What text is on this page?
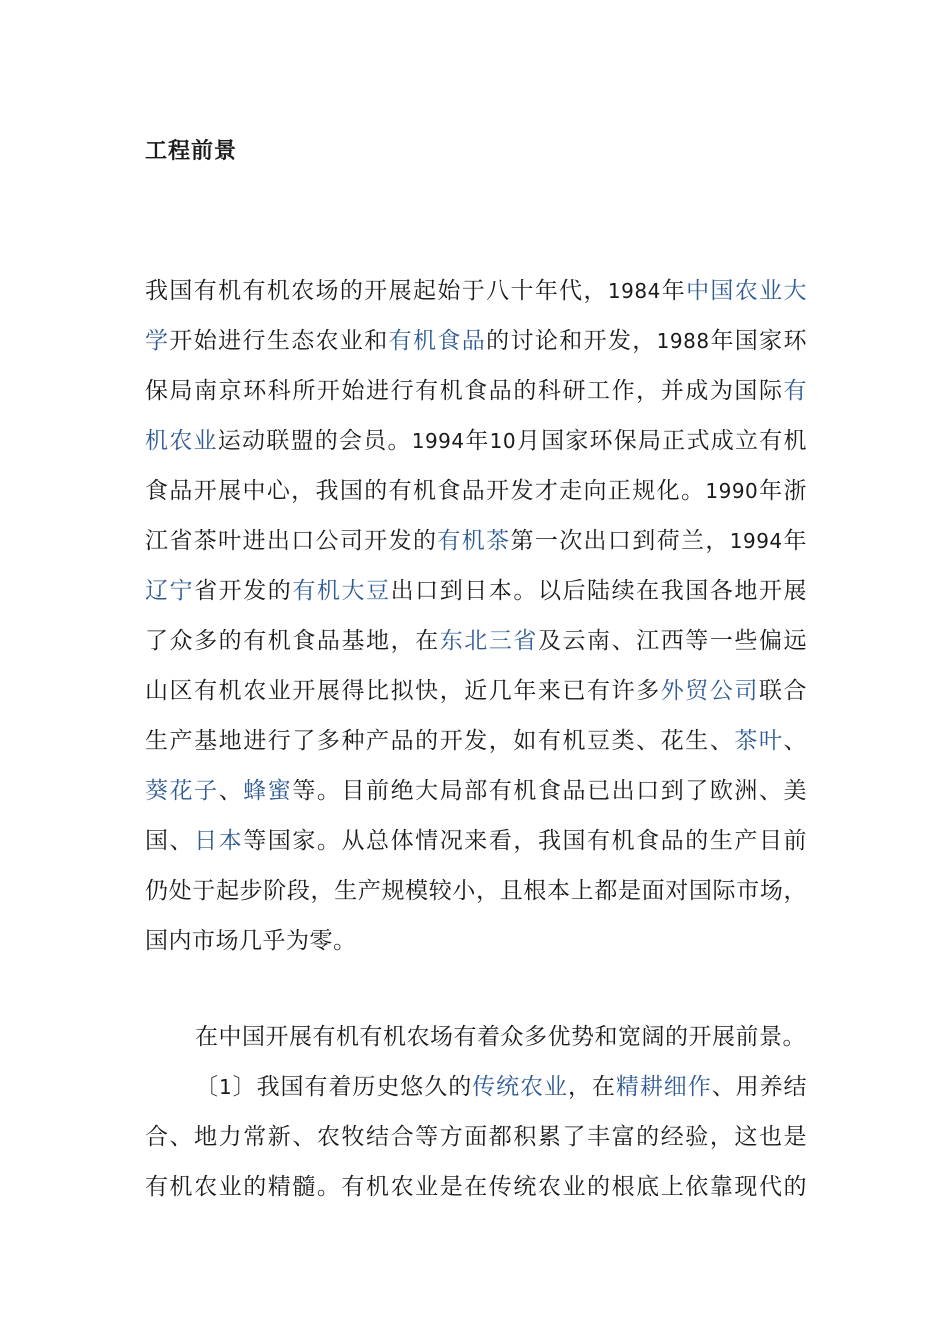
工程前景
我国有机有机农场的开展起始于八十年代，1984年中国农业大
学开始进行生态农业和有机食品的讨论和开发，1988年国家环
保局南京环科所开始进行有机食品的科研工作，并成为国际有
机农业运动联盟的会员。1994年10月国家环保局正式成立有机
食品开展中心，我国的有机食品开发才走向正规化。1990年浙
江省茶叶进出口公司开发的有机茶第一次出口到荷兰，1994年
辽宁省开发的有机大豆出口到日本。以后陆续在我国各地开展
了众多的有机食品基地，在东北三省及云南、江西等一些偏远
山区有机农业开展得比拟快，近几年来已有许多外贸公司联合
生产基地进行了多种产品的开发，如有机豆类、花生、茶叶、
葵花子、蜂蜜等。目前绝大局部有机食品已出口到了欧洲、美
国、日本等国家。从总体情况来看，我国有机食品的生产目前
仍处于起步阶段，生产规模较小，且根本上都是面对国际市场，
国内市场几乎为零。
在中国开展有机有机农场有着众多优势和宽阔的开展前景。
〔1〕我国有着历史悠久的传统农业，在精耕细作、用养结
合、地力常新、农牧结合等方面都积累了丰富的经验，这也是
有机农业的精髓。有机农业是在传统农业的根底上依靠现代的
